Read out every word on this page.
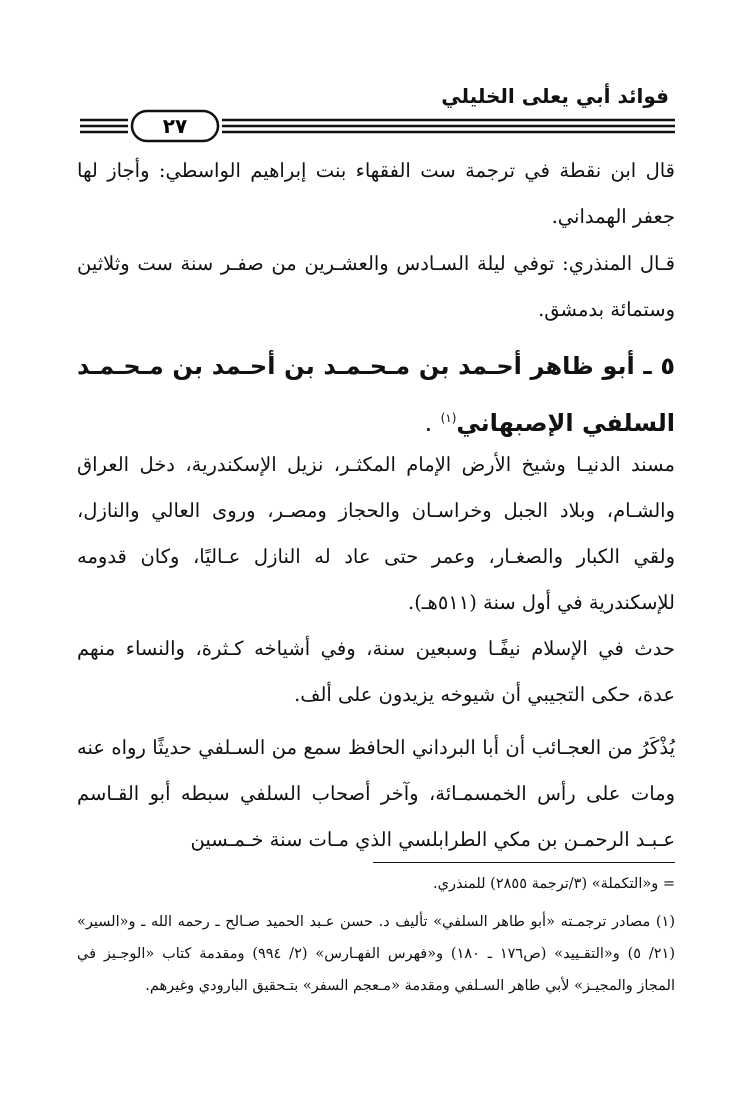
فوائد أبي يعلى الخليلي
٢٧
قال ابن نقطة في ترجمة ست الفقهاء بنت إبراهيم الواسطي: وأجاز لها جعفر الهمداني.
قـال المنذري: توفي ليلة السـادس والعشـرين من صفـر سنة ست وثلاثين وستمائة بدمشق.
٥ ـ أبو ظاهر أحـمد بن مـحـمـد بن أحـمد بن مـحـمـد السلفي الإصبهاني$^{(١)}$ .
مسند الدنيـا وشيخ الأرض الإمام المكثـر، نزيل الإسكندرية، دخل العراق والشـام، وبلاد الجبل وخراسـان والحجاز ومصـر، وروى العالي والنازل، ولقي الكبار والصغـار، وعمر حتى عاد له النازل عـاليًا، وكان قدومه للإسكندرية في أول سنة (٥١١هـ).
حدث في الإسلام نيفًـا وسبعين سنة، وفي أشياخه كـثرة، والنساء منهم عدة، حكى التجيبي أن شيوخه يزيدون على ألف.
يُذْكَرُ من العجـائب أن أبا البرداني الحافظ سمع من السـلفي حديثًا رواه عنه ومات على رأس الخمسمـائة، وآخر أصحاب السلفي سبطه أبو القـاسم عـبـد الرحمـن بن مكي الطرابلسي الذي مـات سنة خـمـسين
= و«التكملة» (٣/ترجمة ٢٨٥٥) للمنذري.
(١) مصادر ترجمـته «أبو طاهر السلفي» تأليف د. حسن عـبد الحميد صـالح ـ رحمه الله ـ و«السير» (٢١/ ٥) و«التقـييد» (ص١٧٦ ـ ١٨٠) و«فهرس الفهـارس» (٢/ ٩٩٤) ومقدمة كتاب «الوجـيز في المجاز والمجيـز» لأبي طاهر السـلفي ومقدمة «مـعجم السفر» بتـحقيق البارودي وغيرهم.
